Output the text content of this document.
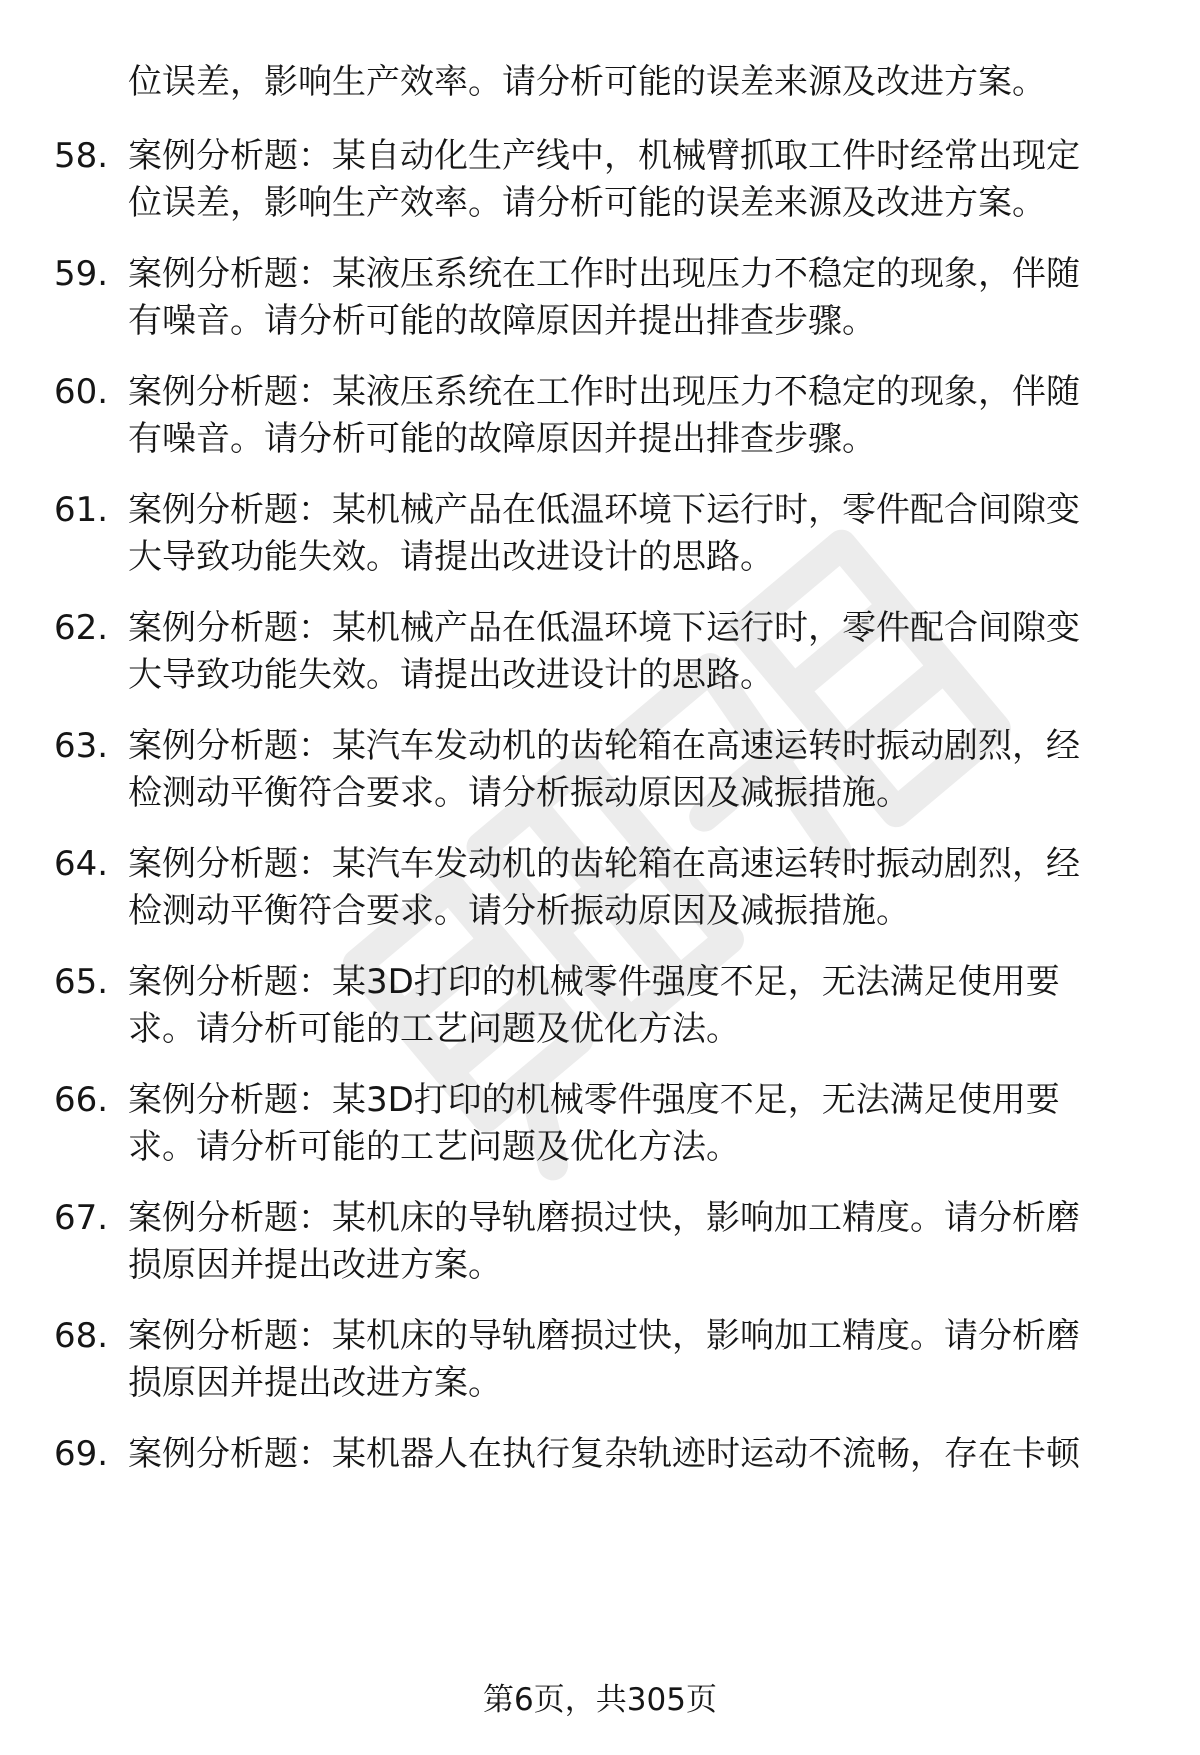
位误差，影响生产效率。请分析可能的误差来源及改进方案。
58. 案例分析题：某自动化生产线中，机械臂抓取工件时经常出现定
位误差，影响生产效率。请分析可能的误差来源及改进方案。
59. 案例分析题：某液压系统在工作时出现压力不稳定的现象，伴随
有噪音。请分析可能的故障原因并提出排查步骤。
60. 案例分析题：某液压系统在工作时出现压力不稳定的现象，伴随
有噪音。请分析可能的故障原因并提出排查步骤。
61. 案例分析题：某机械产品在低温环境下运行时，零件配合间隙变
大导致功能失效。请提出改进设计的思路。
62. 案例分析题：某机械产品在低温环境下运行时，零件配合间隙变
大导致功能失效。请提出改进设计的思路。
63. 案例分析题：某汽车发动机的齿轮箱在高速运转时振动剧烈，经
检测动平衡符合要求。请分析振动原因及减振措施。
64. 案例分析题：某汽车发动机的齿轮箱在高速运转时振动剧烈，经
检测动平衡符合要求。请分析振动原因及减振措施。
65. 案例分析题：某3D打印的机械零件强度不足，无法满足使用要
求。请分析可能的工艺问题及优化方法。
66. 案例分析题：某3D打印的机械零件强度不足，无法满足使用要
求。请分析可能的工艺问题及优化方法。
67. 案例分析题：某机床的导轨磨损过快，影响加工精度。请分析磨
损原因并提出改进方案。
68. 案例分析题：某机床的导轨磨损过快，影响加工精度。请分析磨
损原因并提出改进方案。
69. 案例分析题：某机器人在执行复杂轨迹时运动不流畅，存在卡顿
第6页，共305页
